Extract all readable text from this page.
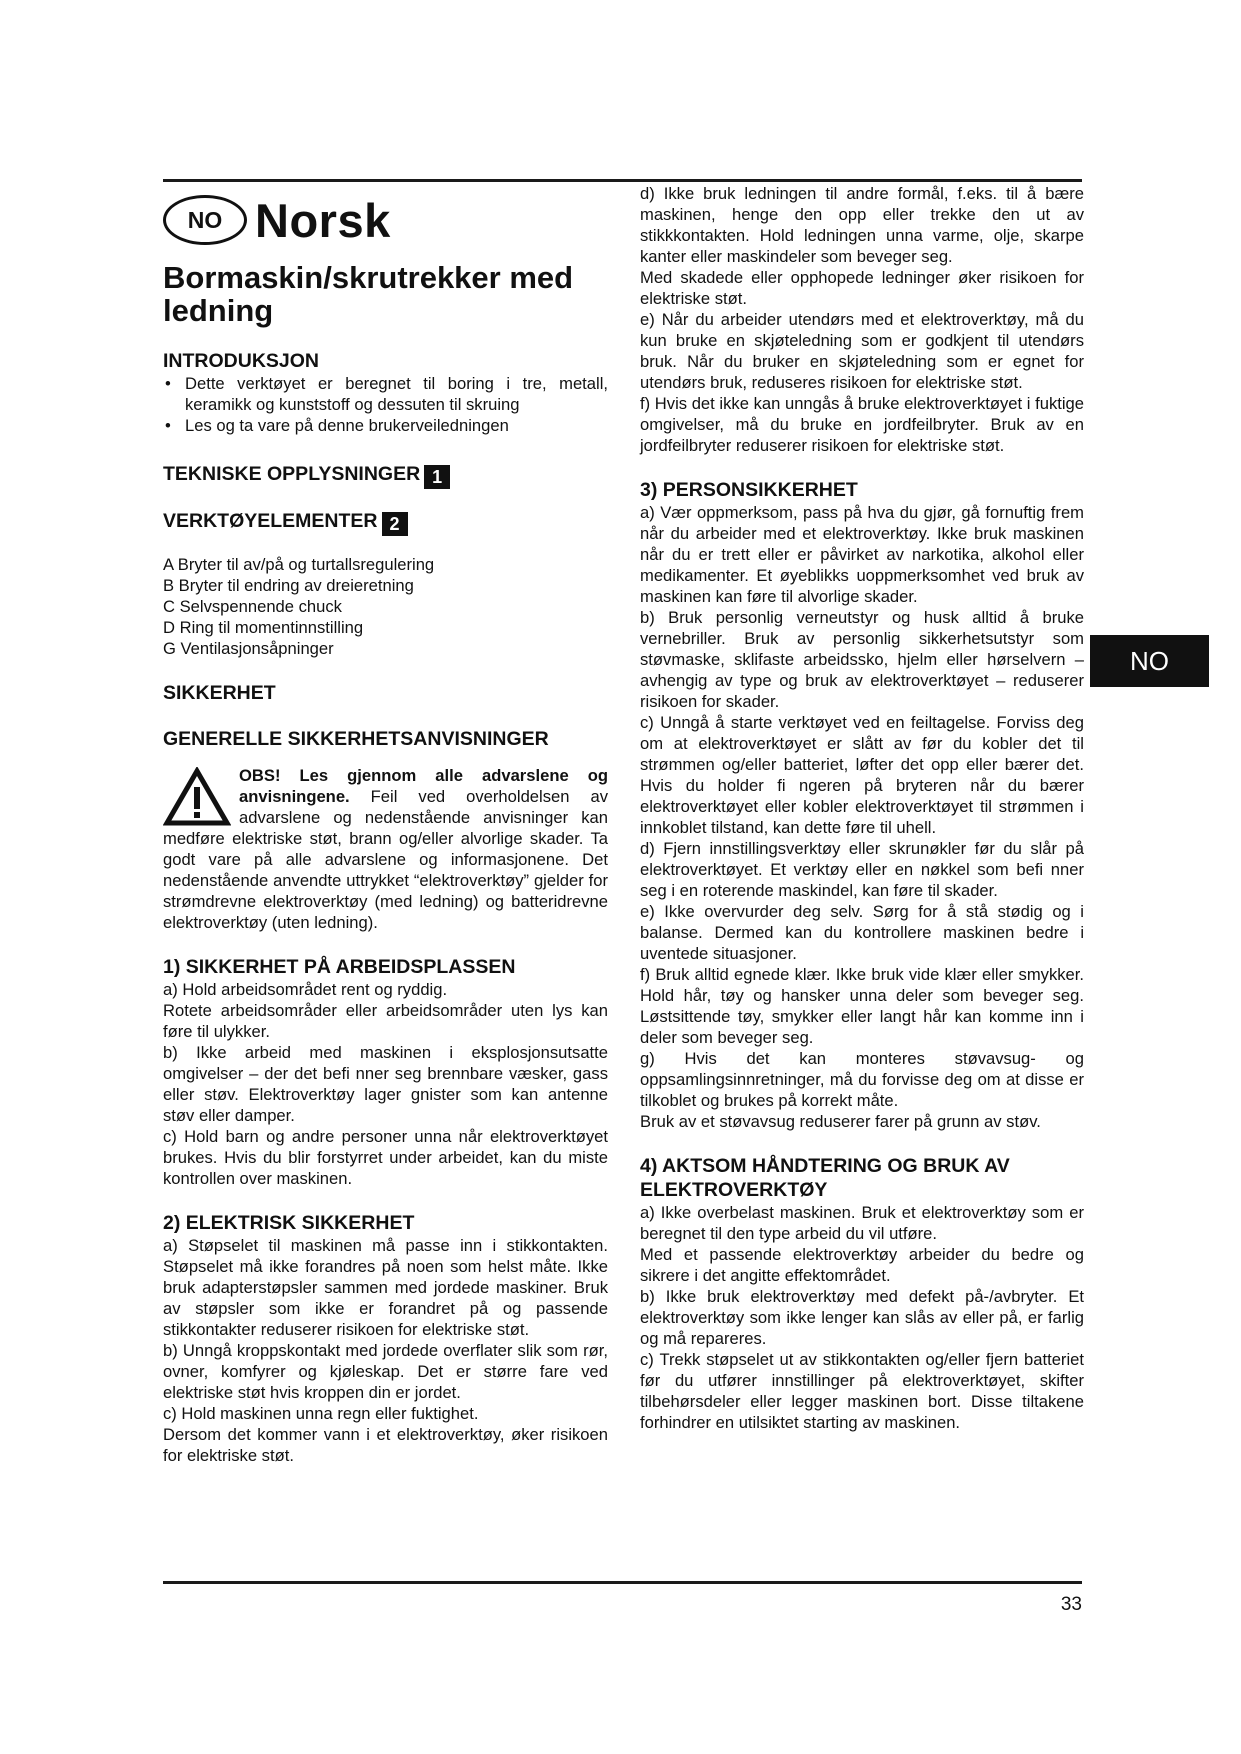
NO Norsk
Bormaskin/skrutrekker med ledning
INTRODUKSJON
• Dette verktøyet er beregnet til boring i tre, metall, keramikk og kunststoff og dessuten til skruing
• Les og ta vare på denne brukerveiledningen
TEKNISKE OPPLYSNINGER 1
VERKTØYELEMENTER 2
A Bryter til av/på og turtallsregulering
B Bryter til endring av dreieretning
C Selvspennende chuck
D Ring til momentinnstilling
G Ventilasjonsåpninger
SIKKERHET
GENERELLE SIKKERHETSANVISNINGER

OBS! Les gjennom alle advarslene og anvisningene. Feil ved overholdelsen av advarslene og nedenstående anvisninger kan medføre elektriske støt, brann og/eller alvorlige skader. Ta godt vare på alle advarslene og informasjonene. Det nedenstående anvendte uttrykket “elektroverktøy” gjelder for strømdrevne elektroverktøy (med ledning) og batteridrevne elektroverktøy (uten ledning).

1) SIKKERHET PÅ ARBEIDSPLASSEN

a) Hold arbeidsområdet rent og ryddig.

Rotete arbeidsområder eller arbeidsområder uten lys kan føre til ulykker.

b) Ikke arbeid med maskinen i eksplosjonsutsatte omgivelser – der det befi nner seg brennbare væsker, gass eller støv. Elektroverktøy lager gnister som kan antenne støv eller damper.

c) Hold barn og andre personer unna når elektroverktøyet brukes. Hvis du blir forstyrret under arbeidet, kan du miste kontrollen over maskinen.

2) ELEKTRISK SIKKERHET

a) Støpselet til maskinen må passe inn i stikkontakten. Støpselet må ikke forandres på noen som helst måte. Ikke bruk adapterstøpsler sammen med jordede maskiner. Bruk av støpsler som ikke er forandret på og passende stikkontakter reduserer risikoen for elektriske støt.

b) Unngå kroppskontakt med jordede overflater slik som rør, ovner, komfyrer og kjøleskap. Det er større fare ved elektriske støt hvis kroppen din er jordet.

c) Hold maskinen unna regn eller fuktighet.

Dersom det kommer vann i et elektroverktøy, øker risikoen for elektriske støt.

d) Ikke bruk ledningen til andre formål, f.eks. til å bære maskinen, henge den opp eller trekke den ut av stikkkontakten. Hold ledningen unna varme, olje, skarpe kanter eller maskindeler som beveger seg.

Med skadede eller opphopede ledninger øker risikoen for elektriske støt.

e) Når du arbeider utendørs med et elektroverktøy, må du kun bruke en skjøteledning som er godkjent til utendørs bruk. Når du bruker en skjøteledning som er egnet for utendørs bruk, reduseres risikoen for elektriske støt.

f) Hvis det ikke kan unngås å bruke elektroverktøyet i fuktige omgivelser, må du bruke en jordfeilbryter. Bruk av en jordfeilbryter reduserer risikoen for elektriske støt.

3) PERSONSIKKERHET

a) Vær oppmerksom, pass på hva du gjør, gå fornuftig frem når du arbeider med et elektroverktøy. Ikke bruk maskinen når du er trett eller er påvirket av narkotika, alkohol eller medikamenter. Et øyeblikks uoppmerksomhet ved bruk av maskinen kan føre til alvorlige skader.

b) Bruk personlig verneutstyr og husk alltid å bruke vernebriller. Bruk av personlig sikkerhetsutstyr som støvmaske, sklifaste arbeidssko, hjelm eller hørselvern – avhengig av type og bruk av elektroverktøyet – reduserer risikoen for skader.

c) Unngå å starte verktøyet ved en feiltagelse. Forviss deg om at elektroverktøyet er slått av før du kobler det til strømmen og/eller batteriet, løfter det opp eller bærer det. Hvis du holder fi ngeren på bryteren når du bærer elektroverktøyet eller kobler elektroverktøyet til strømmen i innkoblet tilstand, kan dette føre til uhell.

d) Fjern innstillingsverktøy eller skrunøkler før du slår på elektroverktøyet. Et verktøy eller en nøkkel som befi nner seg i en roterende maskindel, kan føre til skader.

e) Ikke overvurder deg selv. Sørg for å stå stødig og i balanse. Dermed kan du kontrollere maskinen bedre i uventede situasjoner.

f) Bruk alltid egnede klær. Ikke bruk vide klær eller smykker. Hold hår, tøy og hansker unna deler som beveger seg. Løstsittende tøy, smykker eller langt hår kan komme inn i deler som beveger seg.

g) Hvis det kan monteres støvavsug- og oppsamlingsinnretninger, må du forvisse deg om at disse er tilkoblet og brukes på korrekt måte.

Bruk av et støvavsug reduserer farer på grunn av støv.

4) AKTSOM HÅNDTERING OG BRUK AV ELEKTROVERKTØY

a) Ikke overbelast maskinen. Bruk et elektroverktøy som er beregnet til den type arbeid du vil utføre.

Med et passende elektroverktøy arbeider du bedre og sikrere i det angitte effektområdet.

b) Ikke bruk elektroverktøy med defekt på-/avbryter. Et elektroverktøy som ikke lenger kan slås av eller på, er farlig og må repareres.

c) Trekk støpselet ut av stikkontakten og/eller fjern batteriet før du utfører innstillinger på elektroverktøyet, skifter tilbehørsdeler eller legger maskinen bort. Disse tiltakene forhindrer en utilsiktet starting av maskinen.

NO
33
